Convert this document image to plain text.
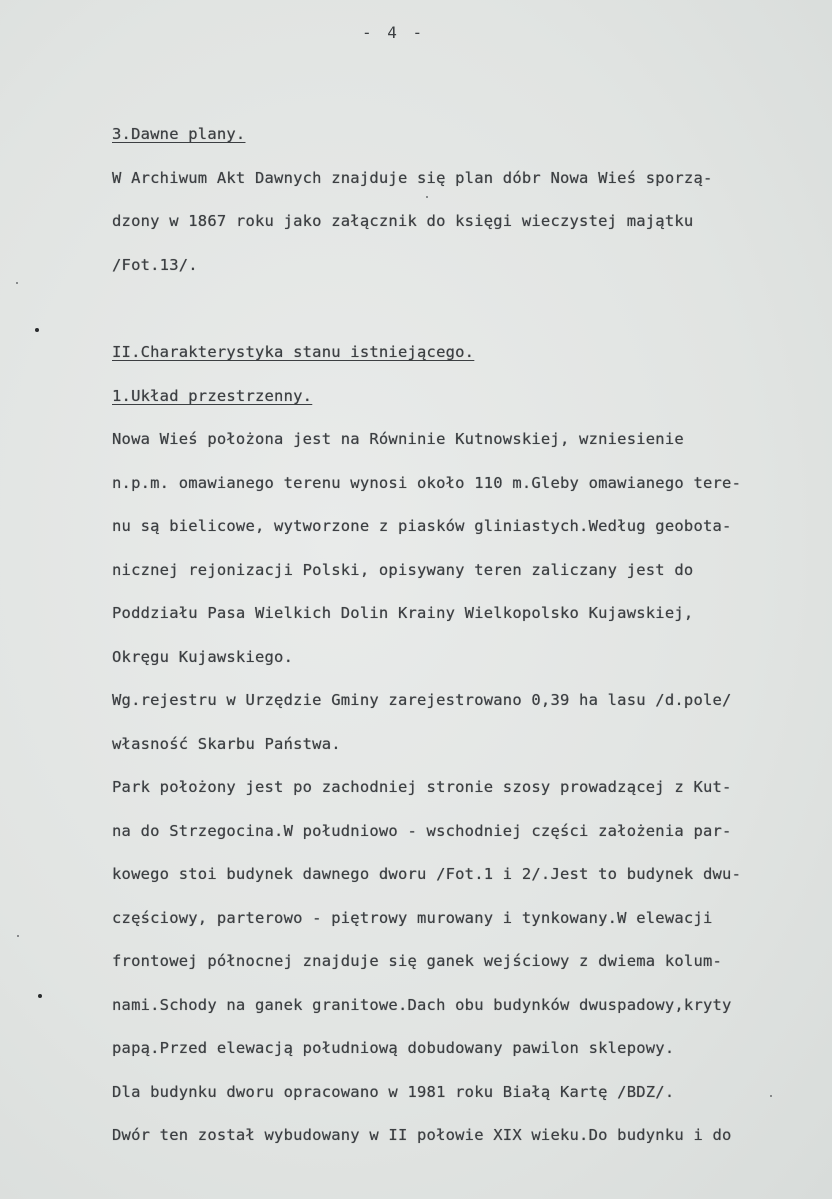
- 4 -
3.Dawne plany.
W Archiwum Akt Dawnych znajduje się plan dóbr Nowa Wieś sporzą-
dzony w 1867 roku jako załącznik do księgi wieczystej majątku
/Fot.13/.
II.Charakterystyka stanu istniejącego.
1.Układ przestrzenny.
Nowa Wieś położona jest na Równinie Kutnowskiej, wzniesienie
n.p.m. omawianego terenu wynosi około 110 m.Gleby omawianego tere-
nu są bielicowe, wytworzone z piasków gliniastych.Według geobota-
nicznej rejonizacji Polski, opisywany teren zaliczany jest do
Poddziału Pasa Wielkich Dolin Krainy Wielkopolsko Kujawskiej,
Okręgu Kujawskiego.
Wg.rejestru w Urzędzie Gminy zarejestrowano 0,39 ha lasu /d.pole/
własność Skarbu Państwa.
Park położony jest po zachodniej stronie szosy prowadzącej z Kut-
na do Strzegocina.W południowo - wschodniej części założenia par-
kowego stoi budynek dawnego dworu /Fot.1 i 2/.Jest to budynek dwu-
częściowy, parterowo - piętrowy murowany i tynkowany.W elewacji
frontowej północnej znajduje się ganek wejściowy z dwiema kolum-
nami.Schody na ganek granitowe.Dach obu budynków dwuspadowy,kryty
papą.Przed elewacją południową dobudowany pawilon sklepowy.
Dla budynku dworu opracowano w 1981 roku Białą Kartę /BDZ/.
Dwór ten został wybudowany w II połowie XIX wieku.Do budynku i do
